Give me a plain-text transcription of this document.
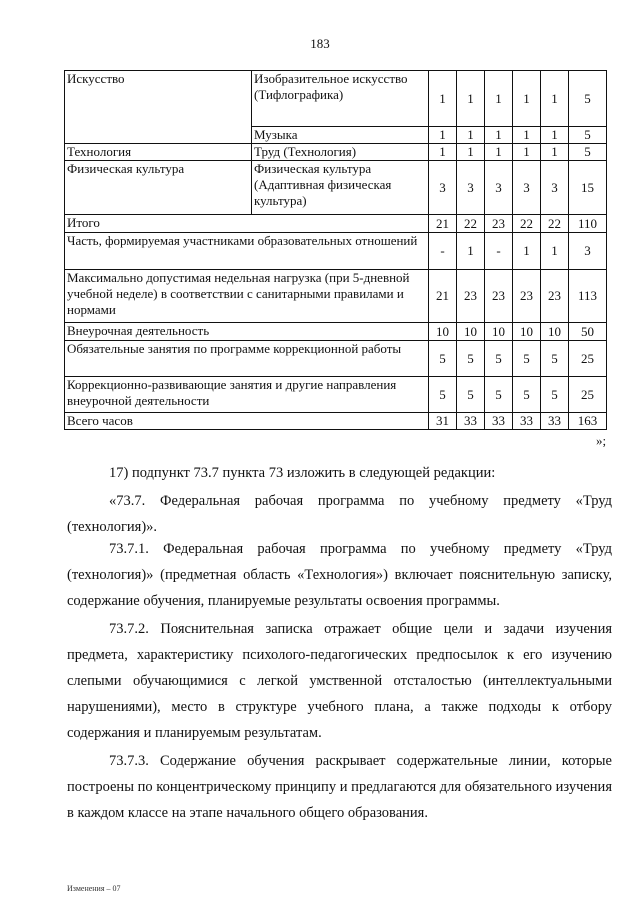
183
Искусство	Изобразительное искусство (Тифлографика)	1	1	1	1	1	5
	Музыка	1	1	1	1	1	5
Технология	Труд (Технология)	1	1	1	1	1	5
Физическая культура	Физическая культура (Адаптивная физическая культура)	3	3	3	3	3	15
Итого		21	22	23	22	22	110
Часть, формируемая участниками образовательных отношений		-	1	-	1	1	3
Максимально допустимая недельная нагрузка (при 5-дневной учебной неделе) в соответствии с санитарными правилами и нормами		21	23	23	23	23	113
Внеурочная деятельность		10	10	10	10	10	50
Обязательные занятия по программе коррекционной работы		5	5	5	5	5	25
Коррекционно-развивающие занятия и другие направления внеурочной деятельности		5	5	5	5	5	25
Всего часов		31	33	33	33	33	163
»;

17) подпункт 73.7 пункта 73 изложить в следующей редакции:

«73.7. Федеральная рабочая программа по учебному предмету «Труд (технология)».

73.7.1. Федеральная рабочая программа по учебному предмету «Труд (технология)» (предметная область «Технология») включает пояснительную записку, содержание обучения, планируемые результаты освоения программы.

73.7.2. Пояснительная записка отражает общие цели и задачи изучения предмета, характеристику психолого-педагогических предпосылок к его изучению слепыми обучающимися с легкой умственной отсталостью (интеллектуальными нарушениями), место в структуре учебного плана, а также подходы к отбору содержания и планируемым результатам.

73.7.3. Содержание обучения раскрывает содержательные линии, которые построены по концентрическому принципу и предлагаются для обязательного изучения в каждом классе на этапе начального общего образования.

Изменения – 07
